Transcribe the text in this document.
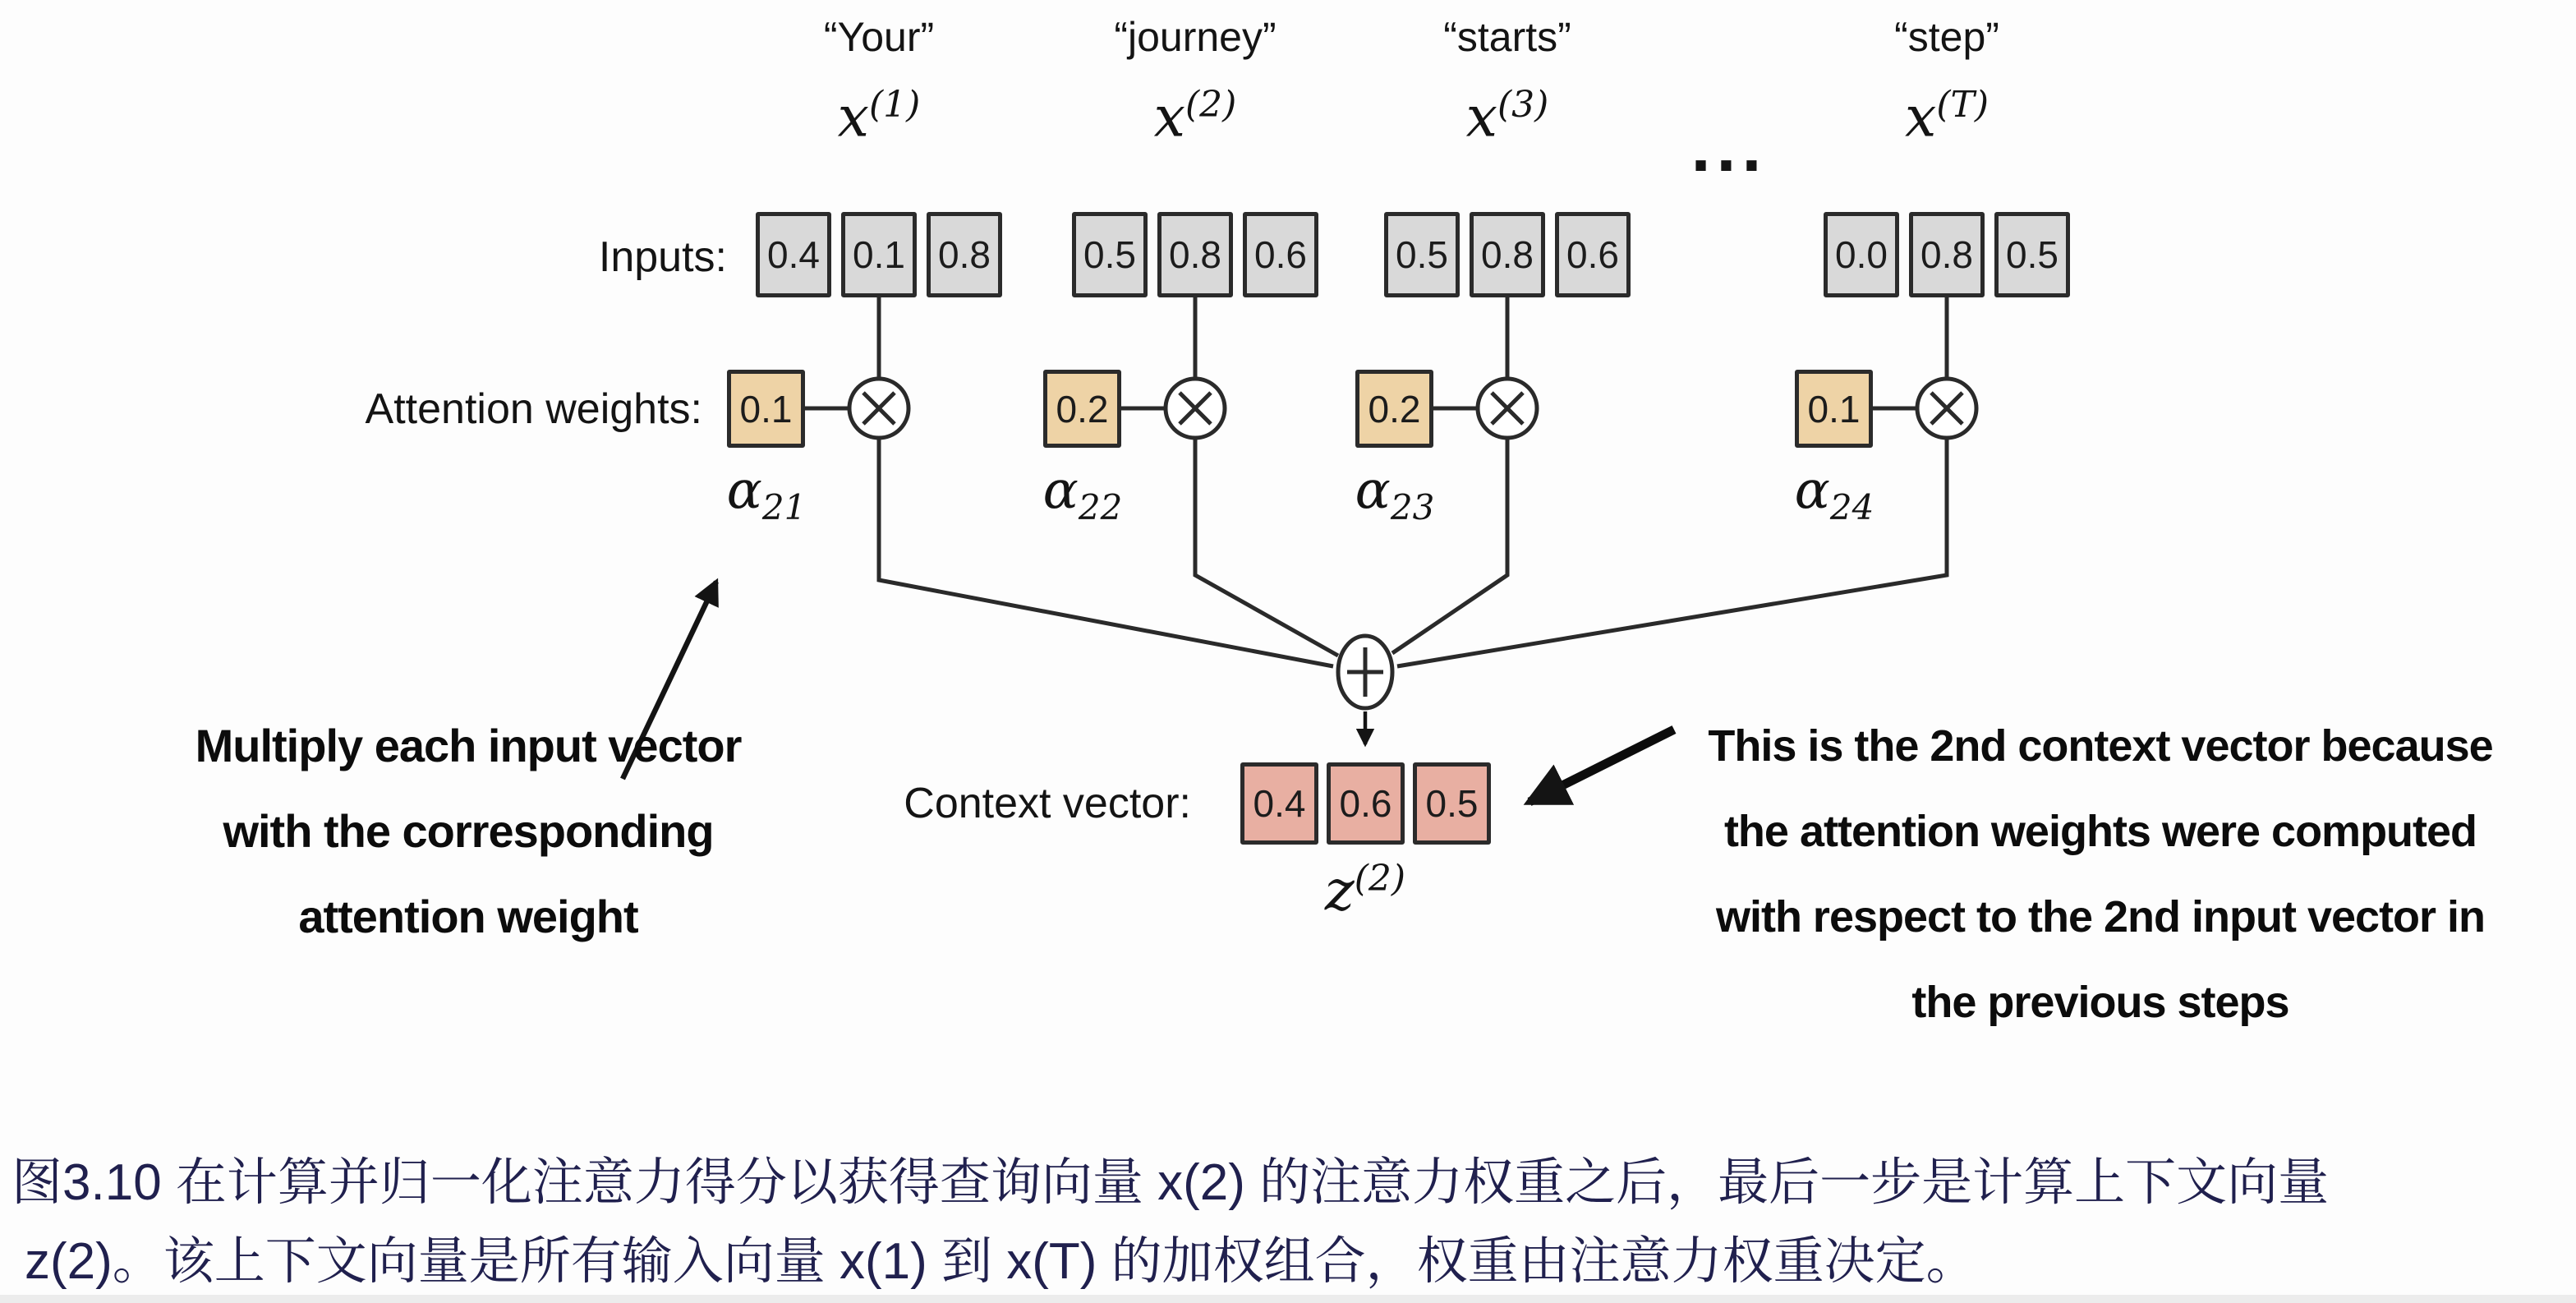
“Your”
$x^{(1)}$
0.4 0.1 0.8
“journey”
$x^{(2)}$
0.5 0.8 0.6
“starts”
$x^{(3)}$
0.5 0.8 0.6
“step”
$x^{(T)}$
0.0 0.8 0.5
...
Inputs:
Attention weights:
Context vector:
0.1
$\alpha_{21}$
0.2
$\alpha_{22}$
0.2
$\alpha_{23}$
0.1
$\alpha_{24}$
0.4 0.6 0.5
$z^{(2)}$
Multiply each input vector
with the corresponding
attention weight
This is the 2nd context vector because
the attention weights were computed
with respect to the 2nd input vector in
the previous steps
图3.10 在计算并归一化注意力得分以获得查询向量 x(2) 的注意力权重之后，最后一步是计算上下文向量
z(2)。该上下文向量是所有输入向量 x(1) 到 x(T) 的加权组合，权重由注意力权重决定。
